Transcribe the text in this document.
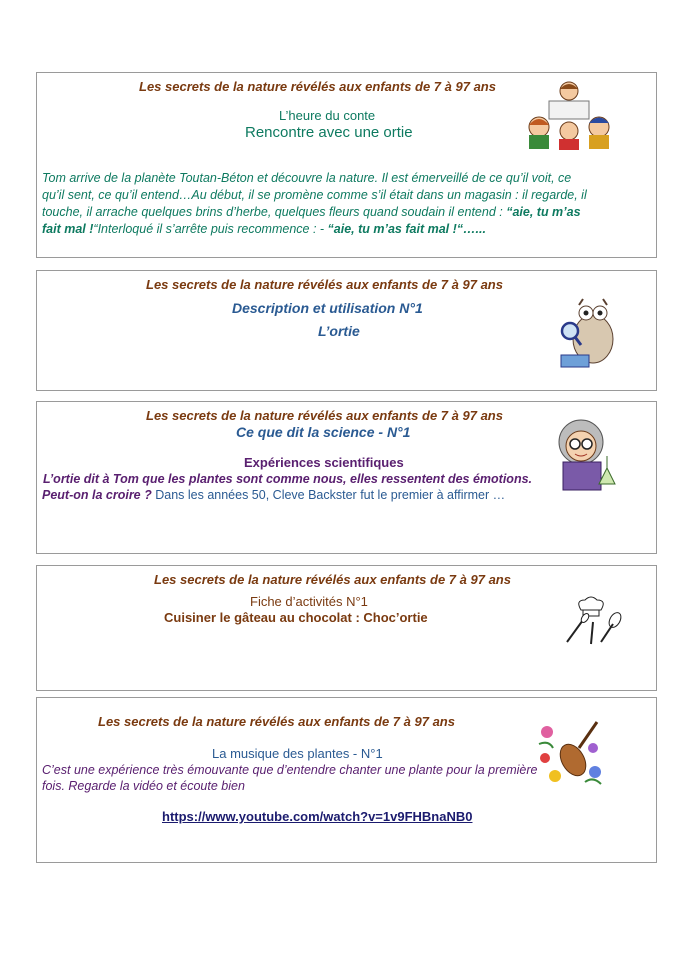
Les secrets de la nature révélés aux enfants de 7 à 97 ans
L’heure du conte
Rencontre avec une ortie
Tom arrive de la planète Toutan-Béton et découvre la nature. Il est émerveillé de ce qu’il voit, ce
qu’il sent, ce qu’il entend…Au début, il se promène comme s’il était dans un magasin : il regarde, il
touche, il arrache quelques brins d’herbe, quelques fleurs quand soudain il entend : “aie, tu m’as
fait mal !“Interloqué il s’arrête puis recommence : - “aie, tu m’as fait mal !“…...
Les secrets de la nature révélés aux enfants de 7 à 97 ans
Description et utilisation N°1
L’ortie
Les secrets de la nature révélés aux enfants de 7 à 97 ans
Ce que dit la science - N°1
Expériences scientifiques
L’ortie dit à Tom que les plantes sont comme nous, elles ressentent des émotions.
Peut-on la croire ? Dans les années 50, Cleve Backster fut le premier à affirmer …
Les secrets de la nature révélés aux enfants de 7 à 97 ans
Fiche d’activités N°1
Cuisiner le gâteau au chocolat : Choc’ortie
Les secrets de la nature révélés aux enfants de 7 à 97 ans
La musique des plantes - N°1
C’est une expérience très émouvante que d’entendre chanter une plante pour la première
fois. Regarde la vidéo et écoute bien
https://www.youtube.com/watch?v=1v9FHBnaNB0
